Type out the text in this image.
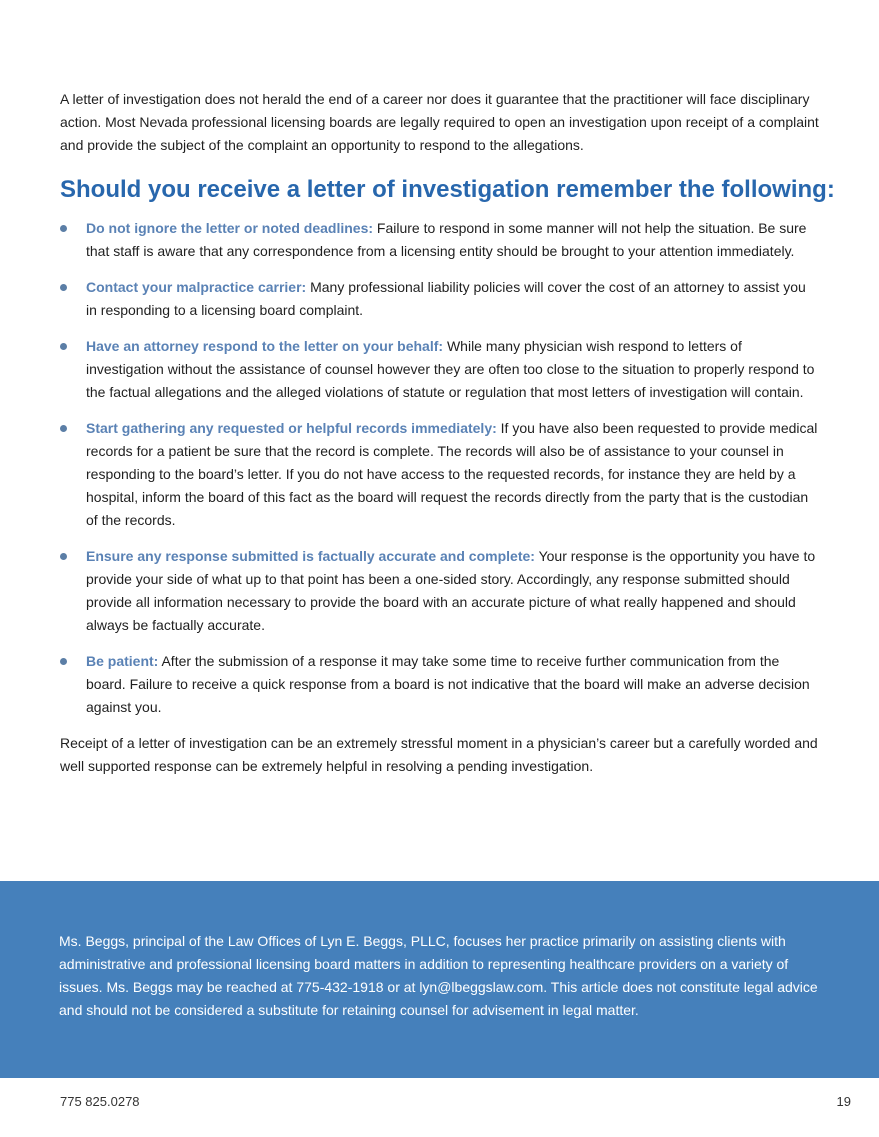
A letter of investigation does not herald the end of a career nor does it guarantee that the practitioner will face disciplinary action. Most Nevada professional licensing boards are legally required to open an investigation upon receipt of a complaint and provide the subject of the complaint an opportunity to respond to the allegations.

Should you receive a letter of investigation remember the following:
Do not ignore the letter or noted deadlines: Failure to respond in some manner will not help the situation. Be sure that staff is aware that any correspondence from a licensing entity should be brought to your attention immediately.
Contact your malpractice carrier: Many professional liability policies will cover the cost of an attorney to assist you in responding to a licensing board complaint.
Have an attorney respond to the letter on your behalf: While many physician wish respond to letters of investigation without the assistance of counsel however they are often too close to the situation to properly respond to the factual allegations and the alleged violations of statute or regulation that most letters of investigation will contain.
Start gathering any requested or helpful records immediately: If you have also been requested to provide medical records for a patient be sure that the record is complete. The records will also be of assistance to your counsel in responding to the board’s letter. If you do not have access to the requested records, for instance they are held by a hospital, inform the board of this fact as the board will request the records directly from the party that is the custodian of the records.
Ensure any response submitted is factually accurate and complete: Your response is the opportunity you have to provide your side of what up to that point has been a one-sided story. Accordingly, any response submitted should provide all information necessary to provide the board with an accurate picture of what really happened and should always be factually accurate.
Be patient: After the submission of a response it may take some time to receive further communication from the board. Failure to receive a quick response from a board is not indicative that the board will make an adverse decision against you.

Receipt of a letter of investigation can be an extremely stressful moment in a physician’s career but a carefully worded and well supported response can be extremely helpful in resolving a pending investigation.

Ms. Beggs, principal of the Law Offices of Lyn E. Beggs, PLLC, focuses her practice primarily on assisting clients with administrative and professional licensing board matters in addition to representing healthcare providers on a variety of issues. Ms. Beggs may be reached at 775-432-1918 or at lyn@lbeggslaw.com. This article does not constitute legal advice and should not be considered a substitute for retaining counsel for advisement in legal matter.

775 825.0278	19
